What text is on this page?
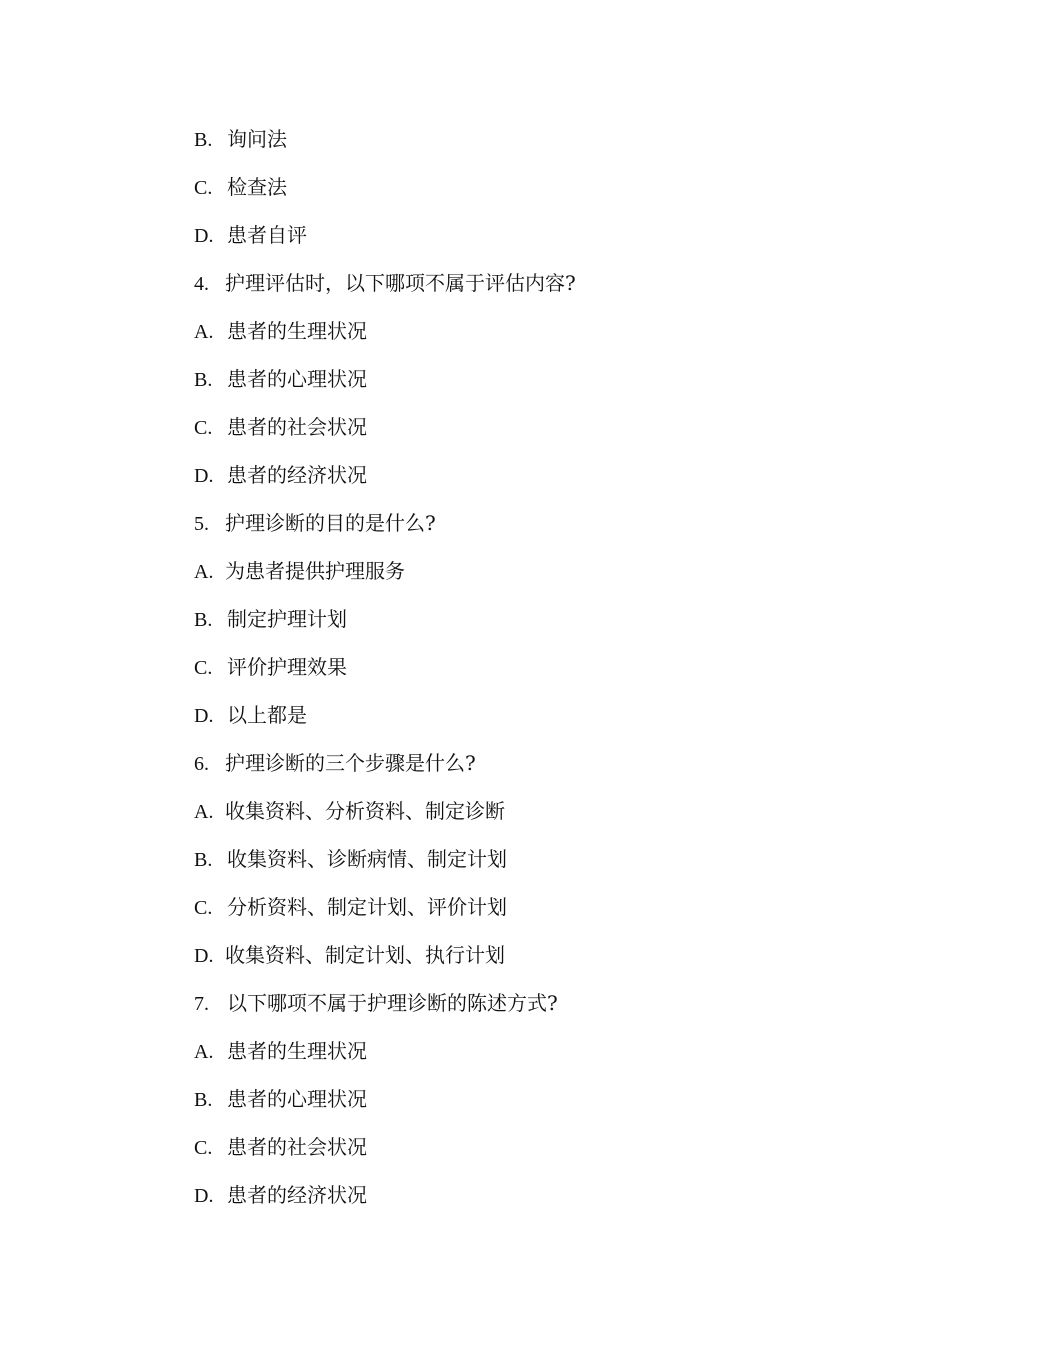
B. 询问法
C. 检查法
D. 患者自评
4. 护理评估时，以下哪项不属于评估内容?
A. 患者的生理状况
B. 患者的心理状况
C. 患者的社会状况
D. 患者的经济状况
5. 护理诊断的目的是什么?
A. 为患者提供护理服务
B. 制定护理计划
C. 评价护理效果
D. 以上都是
6. 护理诊断的三个步骤是什么?
A. 收集资料、分析资料、制定诊断
B. 收集资料、诊断病情、制定计划
C. 分析资料、制定计划、评价计划
D. 收集资料、制定计划、执行计划
7. 以下哪项不属于护理诊断的陈述方式?
A. 患者的生理状况
B. 患者的心理状况
C. 患者的社会状况
D. 患者的经济状况
